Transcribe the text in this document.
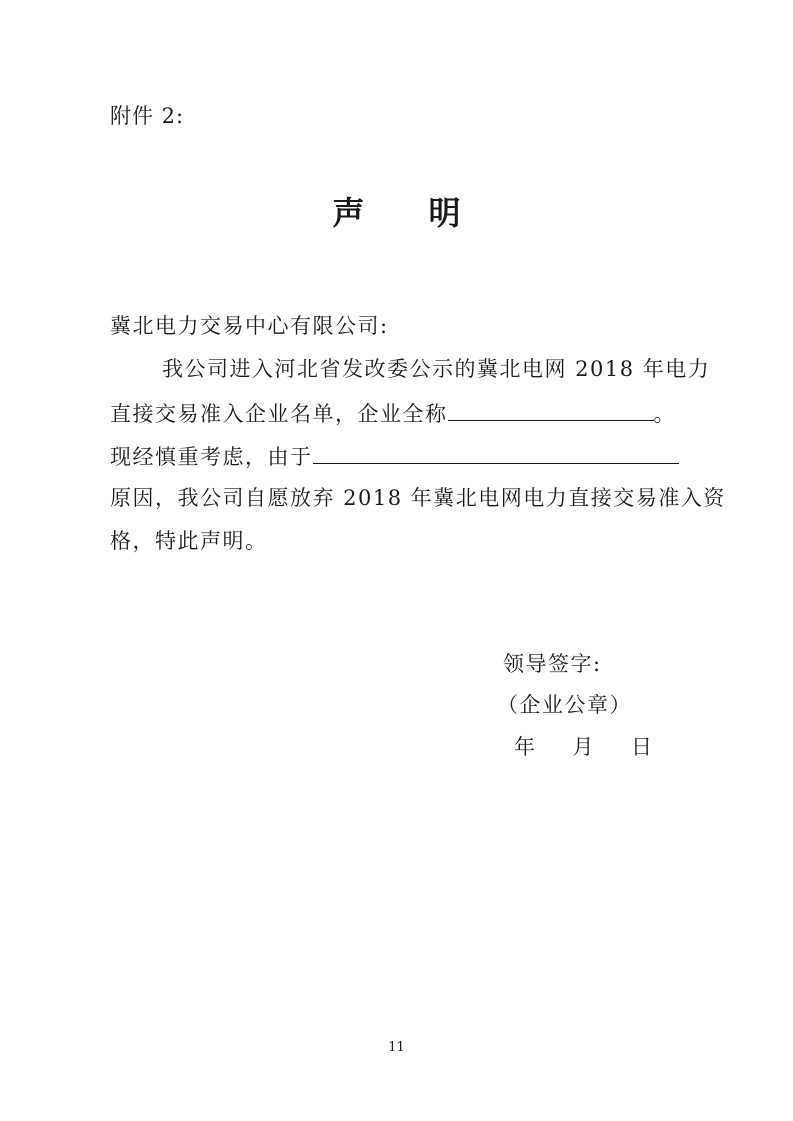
附件 2:
声 明
冀北电力交易中心有限公司:
我公司进入河北省发改委公示的冀北电网 2018 年电力
直接交易准入企业名单，企业全称	。
现经慎重考虑，由于
原因，我公司自愿放弃 2018 年冀北电网电力直接交易准入资
格，特此声明。
领导签字:
（企业公章）
年 月 日
11
